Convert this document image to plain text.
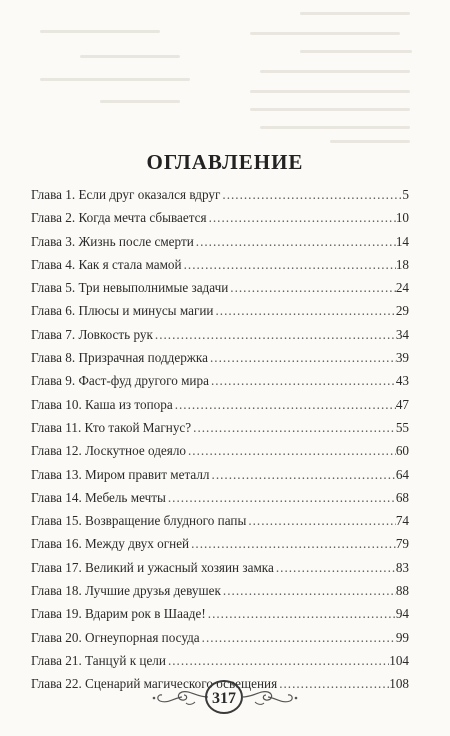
ОГЛАВЛЕНИЕ
Глава 1. Если друг оказался вдруг .....	5
Глава 2. Когда мечта сбывается .....	10
Глава 3. Жизнь после смерти .....	14
Глава 4. Как я стала мамой .....	18
Глава 5. Три невыполнимые задачи .....	24
Глава 6. Плюсы и минусы магии .....	29
Глава 7. Ловкость рук .....	34
Глава 8. Призрачная поддержка .....	39
Глава 9. Фаст-фуд другого мира .....	43
Глава 10. Каша из топора .....	47
Глава 11. Кто такой Магнус? .....	55
Глава 12. Лоскутное одеяло .....	60
Глава 13. Миром правит металл .....	64
Глава 14. Мебель мечты .....	68
Глава 15. Возвращение блудного папы .....	74
Глава 16. Между двух огней .....	79
Глава 17. Великий и ужасный хозяин замка .....	83
Глава 18. Лучшие друзья девушек .....	88
Глава 19. Вдарим рок в Шааде! .....	94
Глава 20. Огнеупорная посуда .....	99
Глава 21. Танцуй к цели .....	104
Глава 22. Сценарий магического освещения .....	108
317
